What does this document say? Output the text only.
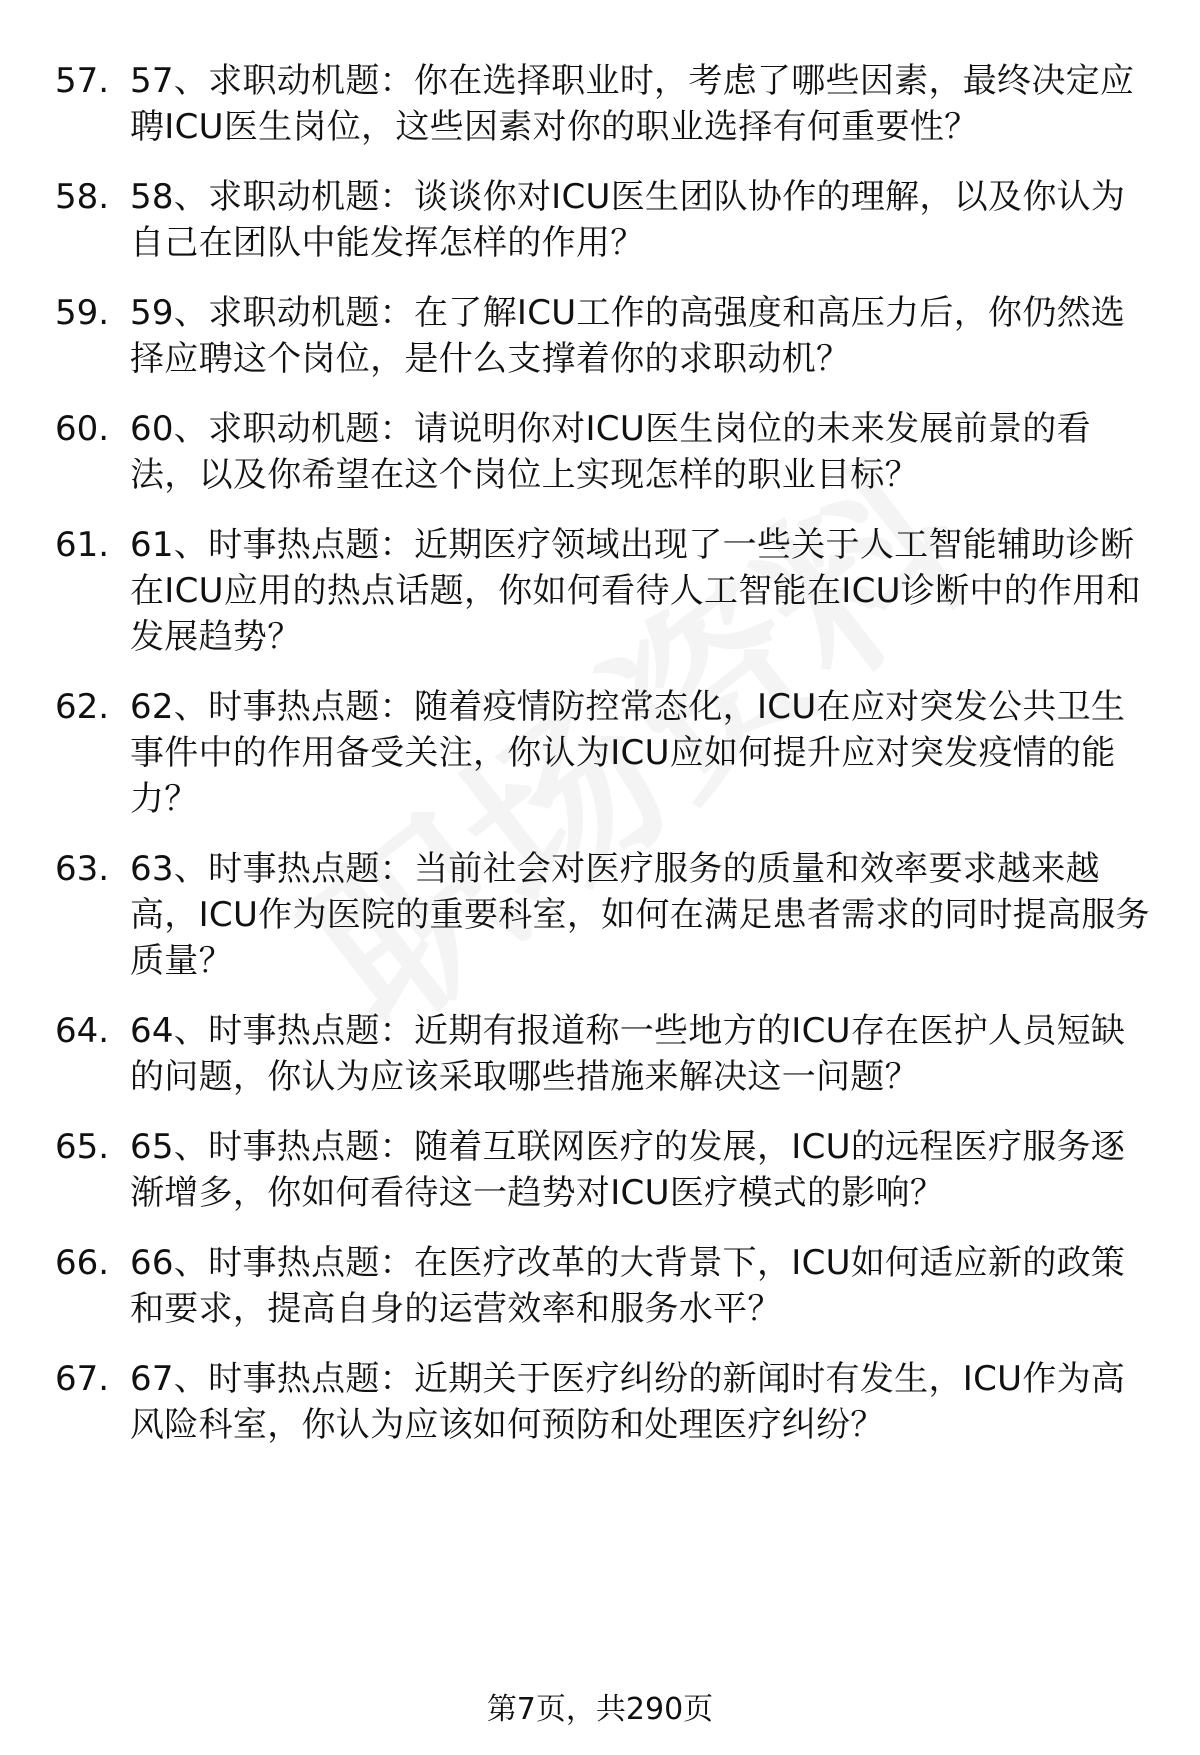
57. 57、求职动机题：你在选择职业时，考虑了哪些因素，最终决定应聘ICU医生岗位，这些因素对你的职业选择有何重要性？
58. 58、求职动机题：谈谈你对ICU医生团队协作的理解，以及你认为自己在团队中能发挥怎样的作用？
59. 59、求职动机题：在了解ICU工作的高强度和高压力后，你仍然选择应聘这个岗位，是什么支撑着你的求职动机？
60. 60、求职动机题：请说明你对ICU医生岗位的未来发展前景的看法，以及你希望在这个岗位上实现怎样的职业目标？
61. 61、时事热点题：近期医疗领域出现了一些关于人工智能辅助诊断在ICU应用的热点话题，你如何看待人工智能在ICU诊断中的作用和发展趋势？
62. 62、时事热点题：随着疫情防控常态化，ICU在应对突发公共卫生事件中的作用备受关注，你认为ICU应如何提升应对突发疫情的能力？
63. 63、时事热点题：当前社会对医疗服务的质量和效率要求越来越高，ICU作为医院的重要科室，如何在满足患者需求的同时提高服务质量？
64. 64、时事热点题：近期有报道称一些地方的ICU存在医护人员短缺的问题，你认为应该采取哪些措施来解决这一问题？
65. 65、时事热点题：随着互联网医疗的发展，ICU的远程医疗服务逐渐增多，你如何看待这一趋势对ICU医疗模式的影响？
66. 66、时事热点题：在医疗改革的大背景下，ICU如何适应新的政策和要求，提高自身的运营效率和服务水平？
67. 67、时事热点题：近期关于医疗纠纷的新闻时有发生，ICU作为高风险科室，你认为应该如何预防和处理医疗纠纷？
第7页，共290页
